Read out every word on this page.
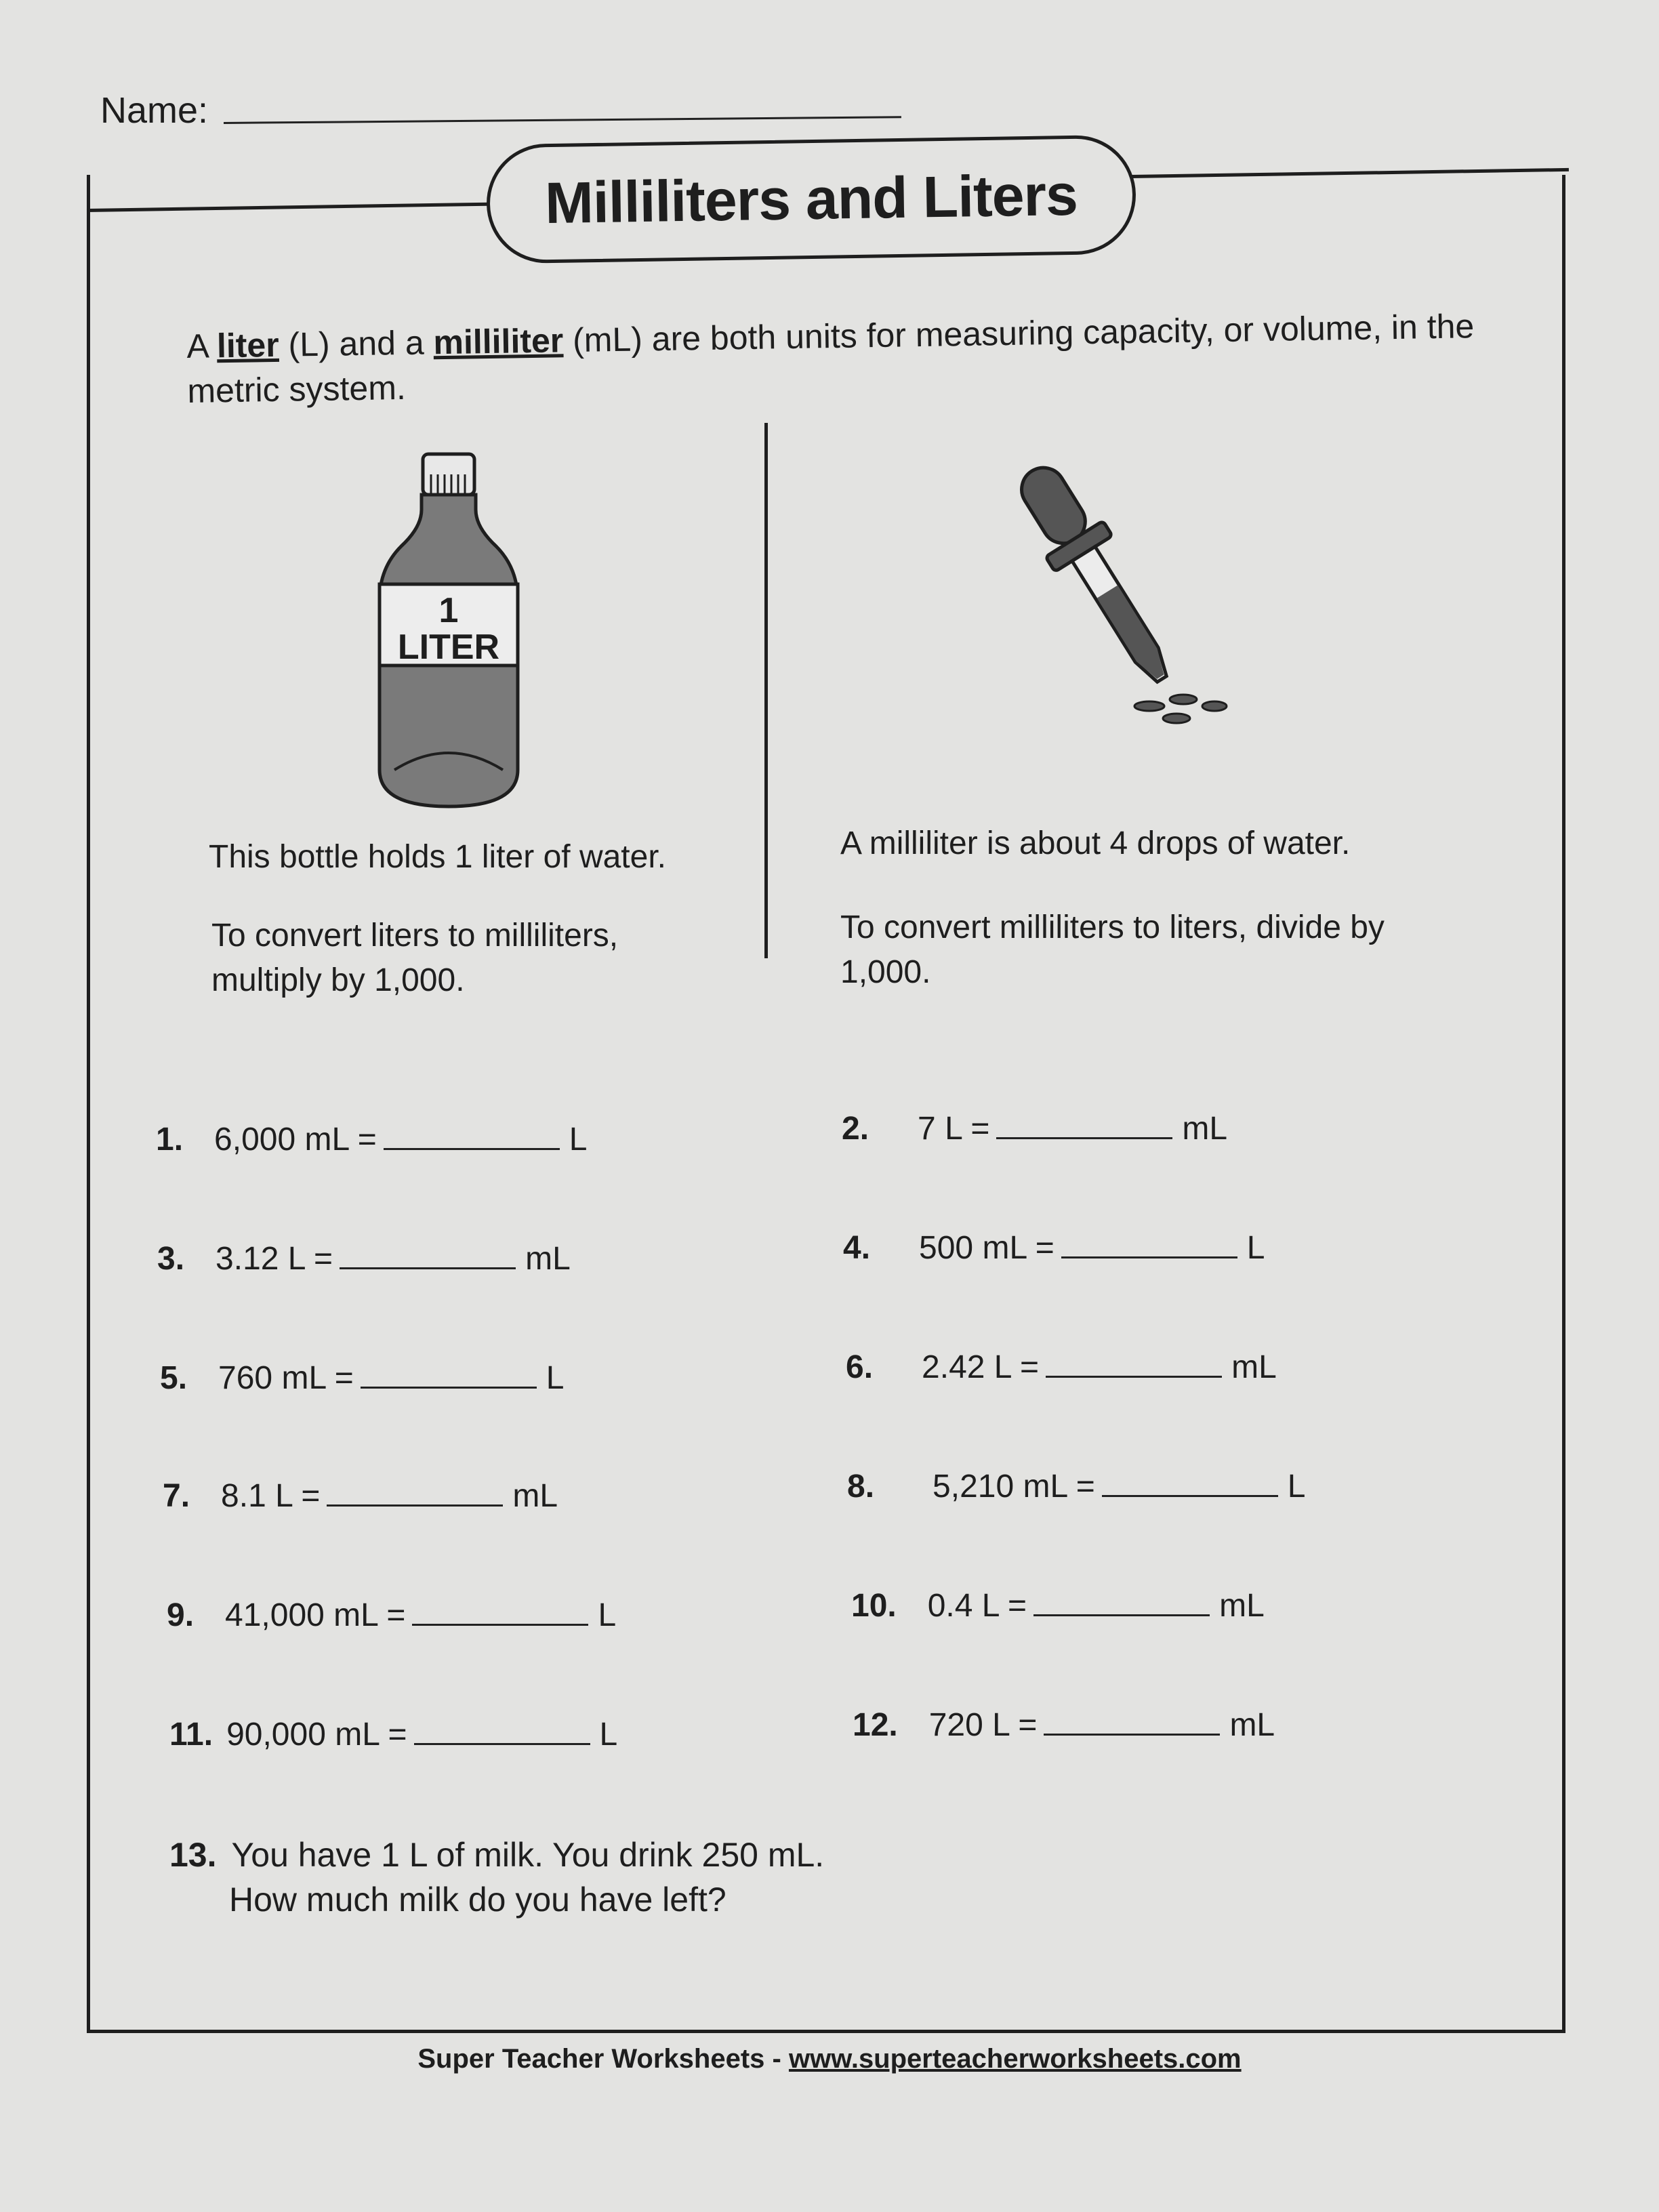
Name:
Milliliters and Liters
A liter (L) and a milliliter (mL) are both units for measuring capacity, or volume, in the metric system.
1
LITER
This bottle holds 1 liter of water.
To convert liters to milliliters, multiply by 1,000.
A milliliter is about 4 drops of water.
To convert milliliters to liters, divide by 1,000.
1. 6,000 mL =	L	2. 7 L =	mL
3. 3.12 L =	mL	4. 500 mL =	L
5. 760 mL =	L	6. 2.42 L =	mL
7. 8.1 L =	mL	8. 5,210 mL =	L
9. 41,000 mL =	L	10. 0.4 L =	mL
11. 90,000 mL =	L	12. 720 L =	mL
13. You have 1 L of milk. You drink 250 mL.
How much milk do you have left?
Super Teacher Worksheets - www.superteacherworksheets.com
